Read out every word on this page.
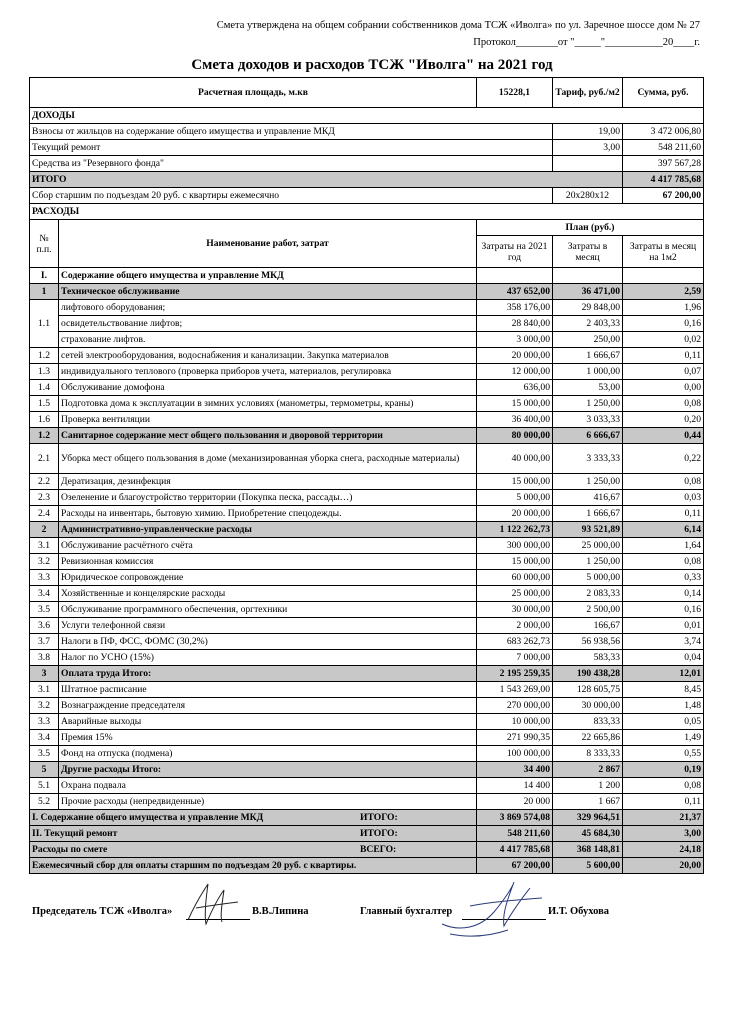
Смета утверждена на общем собрании собственников дома ТСЖ «Иволга» по ул. Заречное шоссе дом № 27
Протокол________от "_____"___________20____г.
Смета доходов и расходов ТСЖ "Иволга" на 2021 год
Расчетная площадь, м.кв		15228,1	Тариф, руб./м2	Сумма, руб.
ДОХОДЫ				
Взносы от жильцов на содержание общего имущества и управление МКД			19,00	3 472 006,80
Текущий ремонт			3,00	548 211,60
Средства из "Резервного фонда"				397 567,28
ИТОГО				4 417 785,68
Сбор старшим по подъездам 20 руб. с квартиры ежемесячно			20х280х12	67 200,00
РАСХОДЫ				
№ п.п.	Наименование работ, затрат	План (руб.)		
		Затраты на 2021 год	Затраты в месяц	Затраты в месяц на 1м2
I.	Содержание общего имущества и управление МКД			
1	Техническое обслуживание	437 652,00	36 471,00	2,59
1.1	лифтового оборудования;	358 176,00	29 848,00	1,96
	освидетельствование лифтов;	28 840,00	2 403,33	0,16
	страхование лифтов.	3 000,00	250,00	0,02
1.2	сетей электрооборудования, водоснабжения и канализации. Закупка материалов	20 000,00	1 666,67	0,11
1.3	индивидуального теплового (проверка приборов учета, материалов, регулировка	12 000,00	1 000,00	0,07
1.4	Обслуживание домофона	636,00	53,00	0,00
1.5	Подготовка дома к эксплуатации в зимних условиях (манометры, термометры, краны)	15 000,00	1 250,00	0,08
1.6	Проверка вентиляции	36 400,00	3 033,33	0,20
1.2	Санитарное содержание мест общего пользования и дворовой территории	80 000,00	6 666,67	0,44
2.1	Уборка мест общего пользования в доме (механизированная уборка снега, расходные материалы)	40 000,00	3 333,33	0,22
2.2	Дератизация, дезинфекция	15 000,00	1 250,00	0,08
2.3	Озеленение и благоустройство территории (Покупка песка, рассады…)	5 000,00	416,67	0,03
2.4	Расходы на инвентарь, бытовую химию. Приобретение спецодежды.	20 000,00	1 666,67	0,11
2	Административно-управленческие расходы	1 122 262,73	93 521,89	6,14
3.1	Обслуживание расчётного счёта	300 000,00	25 000,00	1,64
3.2	Ревизионная комиссия	15 000,00	1 250,00	0,08
3.3	Юридическое сопровождение	60 000,00	5 000,00	0,33
3.4	Хозяйственные и концелярские расходы	25 000,00	2 083,33	0,14
3.5	Обслуживание программного обеспечения, оргтехники	30 000,00	2 500,00	0,16
3.6	Услуги телефонной связи	2 000,00	166,67	0,01
3.7	Налоги в ПФ, ФСС, ФОМС (30,2%)	683 262,73	56 938,56	3,74
3.8	Налог по УСНО (15%)	7 000,00	583,33	0,04
3	Оплата труда Итого:	2 195 259,35	190 438,28	12,01
3.1	Штатное расписание	1 543 269,00	128 605,75	8,45
3.2	Вознаграждение председателя	270 000,00	30 000,00	1,48
3.3	Аварийные выходы	10 000,00	833,33	0,05
3.4	Премия 15%	271 990,35	22 665,86	1,49
3.5	Фонд на отпуска (подмена)	100 000,00	8 333,33	0,55
5	Другие расходы Итого:	34 400	2 867	0,19
5.1	Охрана подвала	14 400	1 200	0,08
5.2	Прочие расходы (непредвиденные)	20 000	1 667	0,11
I. Содержание общего имущества и управление МКД ИТОГО:		3 869 574,08	329 964,51	21,37
II. Текущий ремонт ИТОГО:		548 211,60	45 684,30	3,00
Расходы по смете ВСЕГО:		4 417 785,68	368 148,81	24,18
Ежемесячный сбор для оплаты старшим по подъездам 20 руб. с квартиры.		67 200,00	5 600,00	20,00
Председатель ТСЖ «Иволга»	В.В.Липина	Главный бухгалтер	И.Т. Обухова
